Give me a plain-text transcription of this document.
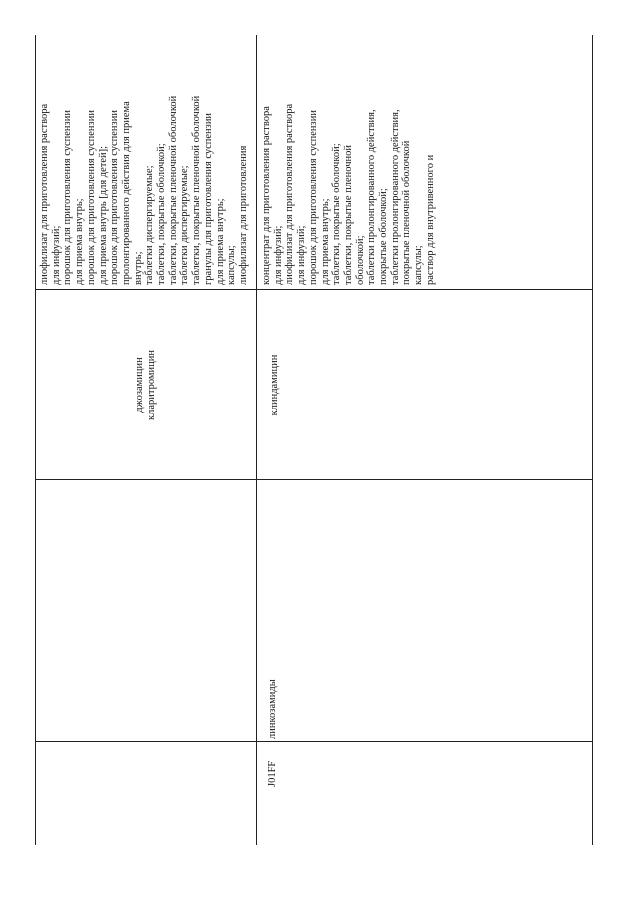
джозамицин кларитромицин
лиофилизат для приготовления раствора для инфузий; порошок для приготовления суспензии для приема внутрь; порошок для приготовления суспензии для приема внутрь [для детей]; порошок для приготовления суспензии пролонгированного действия для приема внутрь; таблетки диспергируемые; таблетки, покрытые оболочкой; таблетки, покрытые пленочной оболочкой таблетки диспергируемые; таблетки, покрытые пленочной оболочкой гранулы для приготовления суспензии для приема внутрь; капсулы; лиофилизат для приготовления
J01FF
линкозамиды
клиндамицин
концентрат для приготовления раствора для инфузий; лиофилизат для приготовления раствора для инфузий; порошок для приготовления суспензии для приема внутрь; таблетки, покрытые оболочкой; таблетки, покрытые пленочной оболочкой; таблетки пролонгированного действия, покрытые оболочкой; таблетки пролонгированного действия, покрытые пленочной оболочкой капсулы; раствор для внутривенного и
